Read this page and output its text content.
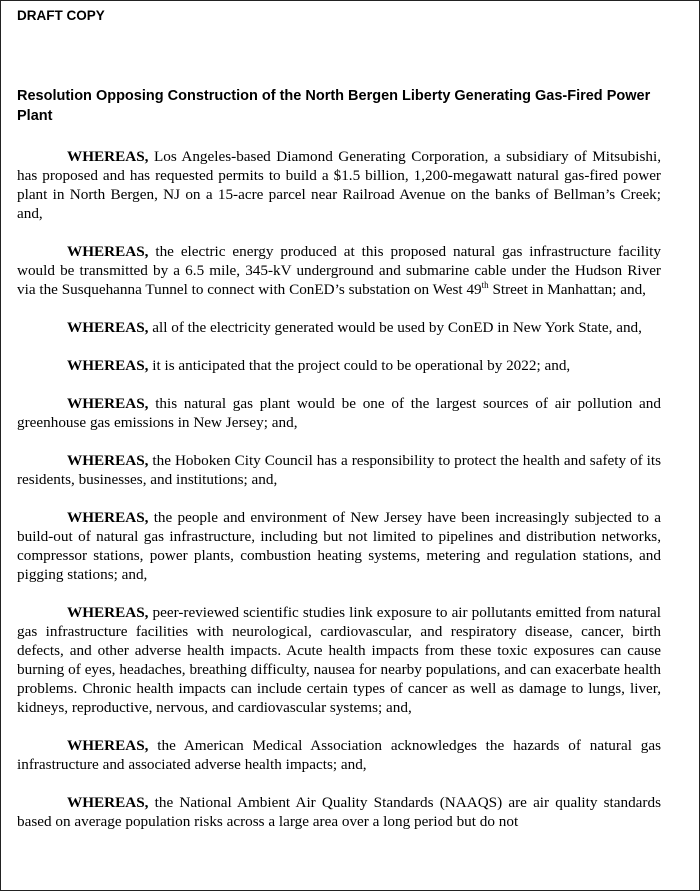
DRAFT COPY

Resolution Opposing Construction of the North Bergen Liberty Generating Gas-Fired Power Plant

WHEREAS, Los Angeles-based Diamond Generating Corporation, a subsidiary of Mitsubishi, has proposed and has requested permits to build a $1.5 billion, 1,200-megawatt natural gas-fired power plant in North Bergen, NJ on a 15-acre parcel near Railroad Avenue on the banks of Bellman’s Creek; and,

WHEREAS, the electric energy produced at this proposed natural gas infrastructure facility would be transmitted by a 6.5 mile, 345-kV underground and submarine cable under the Hudson River via the Susquehanna Tunnel to connect with ConED’s substation on West 49th Street in Manhattan; and,

WHEREAS, all of the electricity generated would be used by ConED in New York State, and,

WHEREAS, it is anticipated that the project could to be operational by 2022; and,

WHEREAS, this natural gas plant would be one of the largest sources of air pollution and greenhouse gas emissions in New Jersey; and,

WHEREAS, the Hoboken City Council has a responsibility to protect the health and safety of its residents, businesses, and institutions; and,

WHEREAS, the people and environment of New Jersey have been increasingly subjected to a build-out of natural gas infrastructure, including but not limited to pipelines and distribution networks, compressor stations, power plants, combustion heating systems, metering and regulation stations, and pigging stations; and,

WHEREAS, peer-reviewed scientific studies link exposure to air pollutants emitted from natural gas infrastructure facilities with neurological, cardiovascular, and respiratory disease, cancer, birth defects, and other adverse health impacts. Acute health impacts from these toxic exposures can cause burning of eyes, headaches, breathing difficulty, nausea for nearby populations, and can exacerbate health problems. Chronic health impacts can include certain types of cancer as well as damage to lungs, liver, kidneys, reproductive, nervous, and cardiovascular systems; and,

WHEREAS, the American Medical Association acknowledges the hazards of natural gas infrastructure and associated adverse health impacts; and,

WHEREAS, the National Ambient Air Quality Standards (NAAQS) are air quality standards based on average population risks across a large area over a long period but do not
